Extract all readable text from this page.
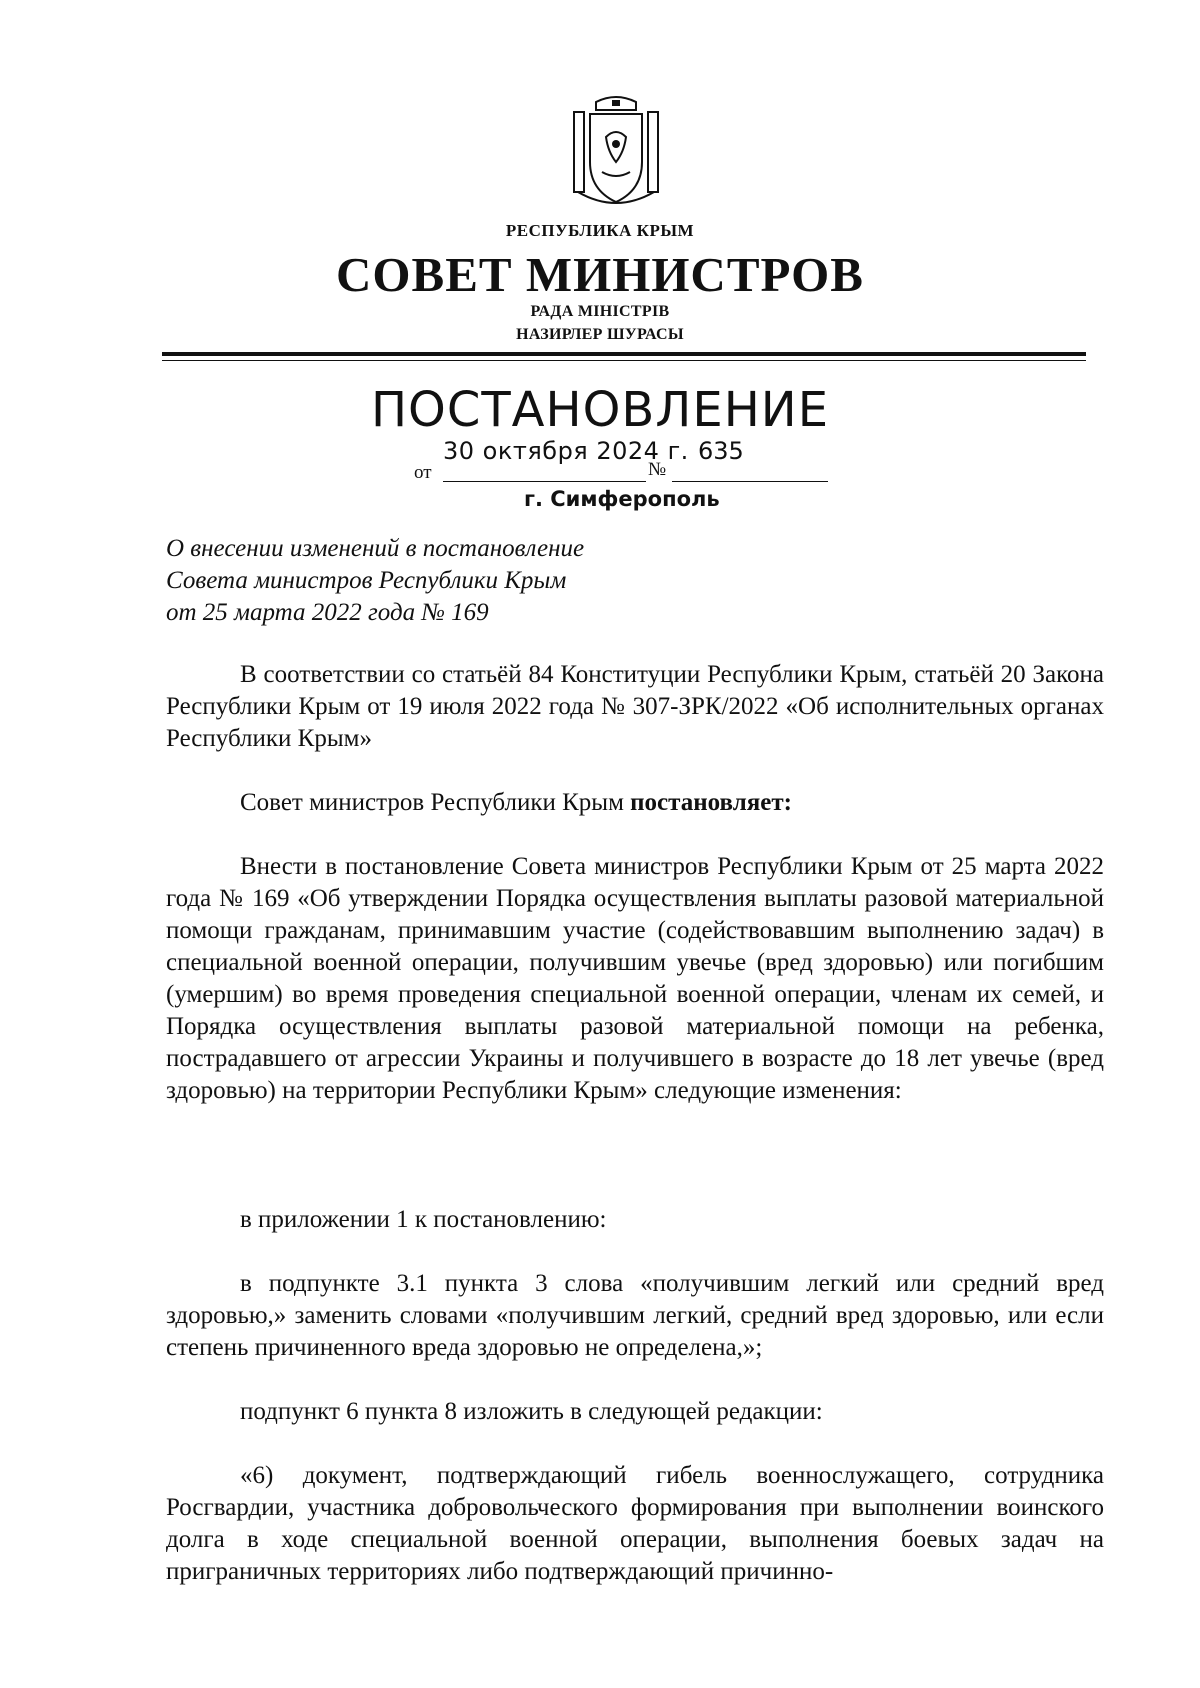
РЕСПУБЛИКА КРЫМ
СОВЕТ МИНИСТРОВ
РАДА МІНІСТРІВ
НАЗИРЛЕР ШУРАСЫ
ПОСТАНОВЛЕНИЕ
от
30 октября 2024 г.
№
635
г. Симферополь
О внесении изменений в постановление
Совета министров Республики Крым
от 25 марта 2022 года № 169

В соответствии со статьёй 84 Конституции Республики Крым, статьёй 20 Закона Республики Крым от 19 июля 2022 года № 307-ЗРК/2022 «Об исполнительных органах Республики Крым»

Совет министров Республики Крым постановляет:

Внести в постановление Совета министров Республики Крым от 25 марта 2022 года № 169 «Об утверждении Порядка осуществления выплаты разовой материальной помощи гражданам, принимавшим участие (содействовавшим выполнению задач) в специальной военной операции, получившим увечье (вред здоровью) или погибшим (умершим) во время проведения специальной военной операции, членам их семей, и Порядка осуществления выплаты разовой материальной помощи на ребенка, пострадавшего от агрессии Украины и получившего в возрасте до 18 лет увечье (вред здоровью) на территории Республики Крым» следующие изменения:

в приложении 1 к постановлению:

в подпункте 3.1 пункта 3 слова «получившим легкий или средний вред здоровью,» заменить словами «получившим легкий, средний вред здоровью, или если степень причиненного вреда здоровью не определена,»;

подпункт 6 пункта 8 изложить в следующей редакции:

«6) документ, подтверждающий гибель военнослужащего, сотрудника Росгвардии, участника добровольческого формирования при выполнении воинского долга в ходе специальной военной операции, выполнения боевых задач на приграничных территориях либо подтверждающий причинно-
